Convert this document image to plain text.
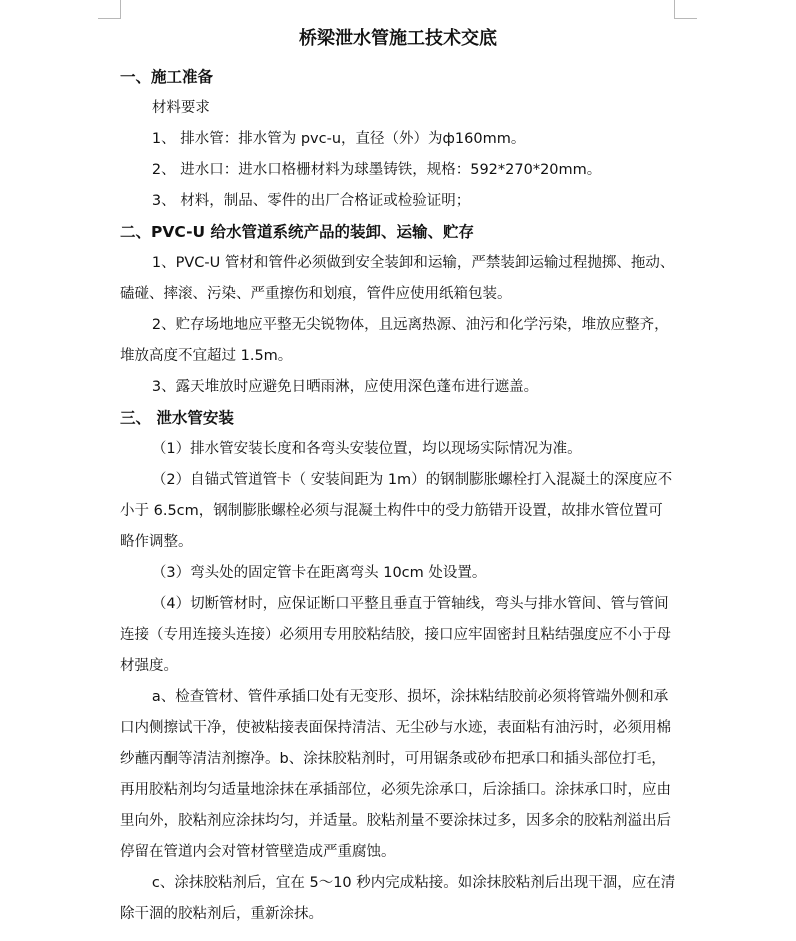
桥梁泄水管施工技术交底
一、施工准备
材料要求
1、 排水管：排水管为 pvc-u，直径（外）为ф160mm。
2、 进水口：进水口格栅材料为球墨铸铁，规格：592*270*20mm。
3、 材料，制品、零件的出厂合格证或检验证明；
二、PVC-U 给水管道系统产品的装卸、运输、贮存
1、PVC-U 管材和管件必须做到安全装卸和运输，严禁装卸运输过程抛掷、拖动、磕碰、摔滚、污染、严重擦伤和划痕，管件应使用纸箱包装。
2、贮存场地地应平整无尖锐物体，且远离热源、油污和化学污染，堆放应整齐，堆放高度不宜超过 1.5m。
3、露天堆放时应避免日晒雨淋，应使用深色蓬布进行遮盖。
三、 泄水管安装
（1）排水管安装长度和各弯头安装位置，均以现场实际情况为准。
（2）自锚式管道管卡（ 安装间距为 1m）的钢制膨胀螺栓打入混凝土的深度应不小于 6.5cm，钢制膨胀螺栓必须与混凝土构件中的受力筋错开设置，故排水管位置可略作调整。
（3）弯头处的固定管卡在距离弯头 10cm 处设置。
（4）切断管材时，应保证断口平整且垂直于管轴线，弯头与排水管间、管与管间连接（专用连接头连接）必须用专用胶粘结胶，接口应牢固密封且粘结强度应不小于母材强度。
a、检查管材、管件承插口处有无变形、损坏，涂抹粘结胶前必须将管端外侧和承口内侧擦试干净，使被粘接表面保持清洁、无尘砂与水迹，表面粘有油污时，必须用棉纱蘸丙酮等清洁剂擦净。b、涂抹胶粘剂时，可用锯条或砂布把承口和插头部位打毛，再用胶粘剂均匀适量地涂抹在承插部位，必须先涂承口，后涂插口。涂抹承口时，应由里向外，胶粘剂应涂抹均匀，并适量。胶粘剂量不要涂抹过多，因多余的胶粘剂溢出后停留在管道内会对管材管壁造成严重腐蚀。
c、涂抹胶粘剂后，宜在 5～10 秒内完成粘接。如涂抹胶粘剂后出现干涸，应在清除干涸的胶粘剂后，重新涂抹。
